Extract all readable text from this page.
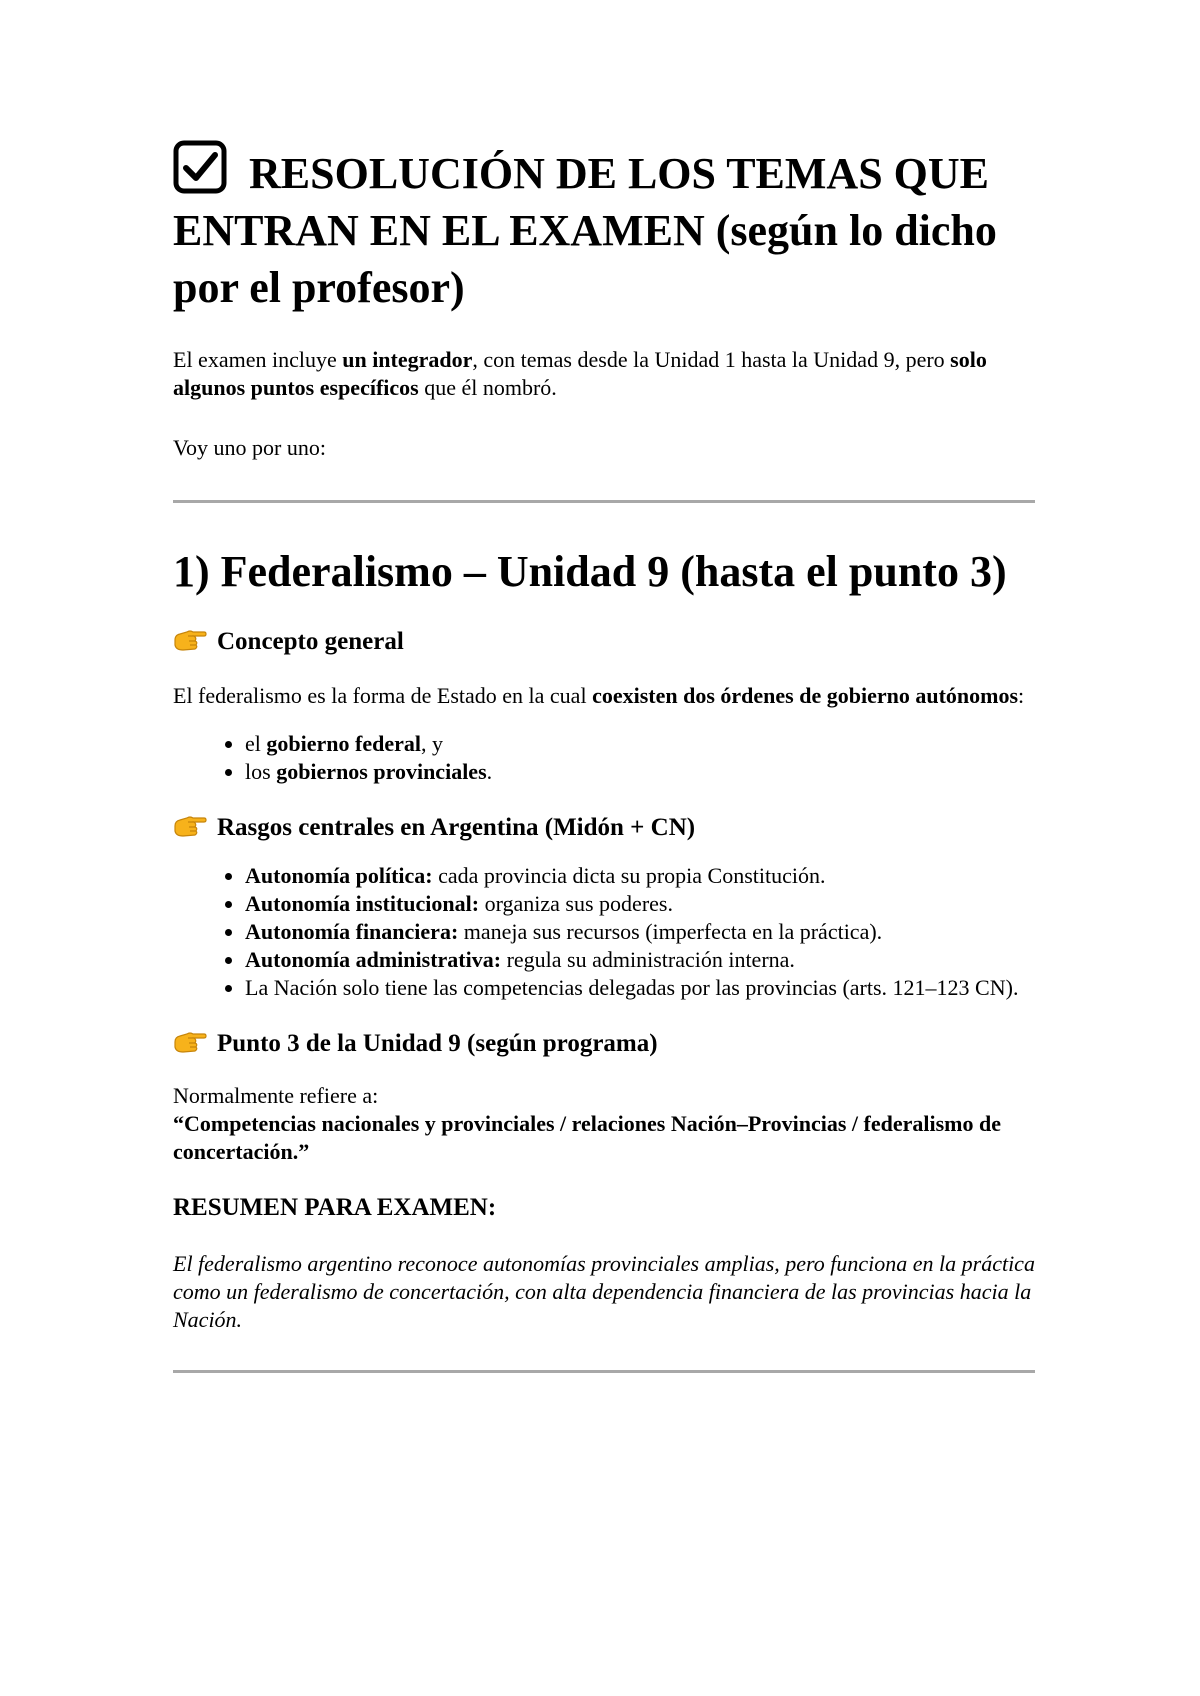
RESOLUCIÓN DE LOS TEMAS QUE ENTRAN EN EL EXAMEN (según lo dicho por el profesor)

El examen incluye un integrador, con temas desde la Unidad 1 hasta la Unidad 9, pero solo algunos puntos específicos que él nombró.

Voy uno por uno:

1) Federalismo – Unidad 9 (hasta el punto 3)
Concepto general

El federalismo es la forma de Estado en la cual coexisten dos órdenes de gobierno autónomos:

• el gobierno federal, y
• los gobiernos provinciales.
Rasgos centrales en Argentina (Midón + CN)
• Autonomía política: cada provincia dicta su propia Constitución.
• Autonomía institucional: organiza sus poderes.
• Autonomía financiera: maneja sus recursos (imperfecta en la práctica).
• Autonomía administrativa: regula su administración interna.
• La Nación solo tiene las competencias delegadas por las provincias (arts. 121–123 CN).
Punto 3 de la Unidad 9 (según programa)

Normalmente refiere a:
“Competencias nacionales y provinciales / relaciones Nación–Provincias / federalismo de concertación.”

RESUMEN PARA EXAMEN:

El federalismo argentino reconoce autonomías provinciales amplias, pero funciona en la práctica como un federalismo de concertación, con alta dependencia financiera de las provincias hacia la Nación.
